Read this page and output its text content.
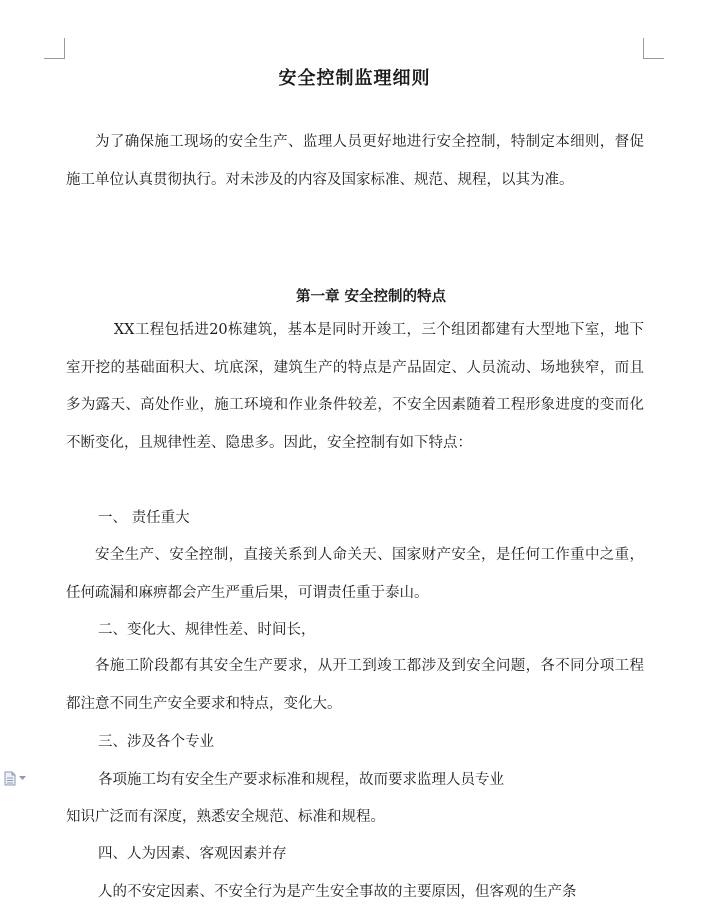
安全控制监理细则
为了确保施工现场的安全生产、监理人员更好地进行安全控制，特制定本细则，督促施工单位认真贯彻执行。对未涉及的内容及国家标准、规范、规程，以其为准。
第一章 安全控制的特点
XX工程包括进20栋建筑，基本是同时开竣工，三个组团都建有大型地下室，地下室开挖的基础面积大、坑底深，建筑生产的特点是产品固定、人员流动、场地狭窄，而且多为露天、高处作业，施工环境和作业条件较差，不安全因素随着工程形象进度的变而化不断变化，且规律性差、隐患多。因此，安全控制有如下特点：
一、 责任重大
安全生产、安全控制，直接关系到人命关天、国家财产安全，是任何工作重中之重，任何疏漏和麻痹都会产生严重后果，可谓责任重于泰山。
二、变化大、规律性差、时间长，
各施工阶段都有其安全生产要求，从开工到竣工都涉及到安全问题，各不同分项工程都注意不同生产安全要求和特点，变化大。
三、涉及各个专业
各项施工均有安全生产要求标准和规程，故而要求监理人员专业
知识广泛而有深度，熟悉安全规范、标准和规程。
四、人为因素、客观因素并存
人的不安定因素、不安全行为是产生安全事故的主要原因，但客观的生产条
